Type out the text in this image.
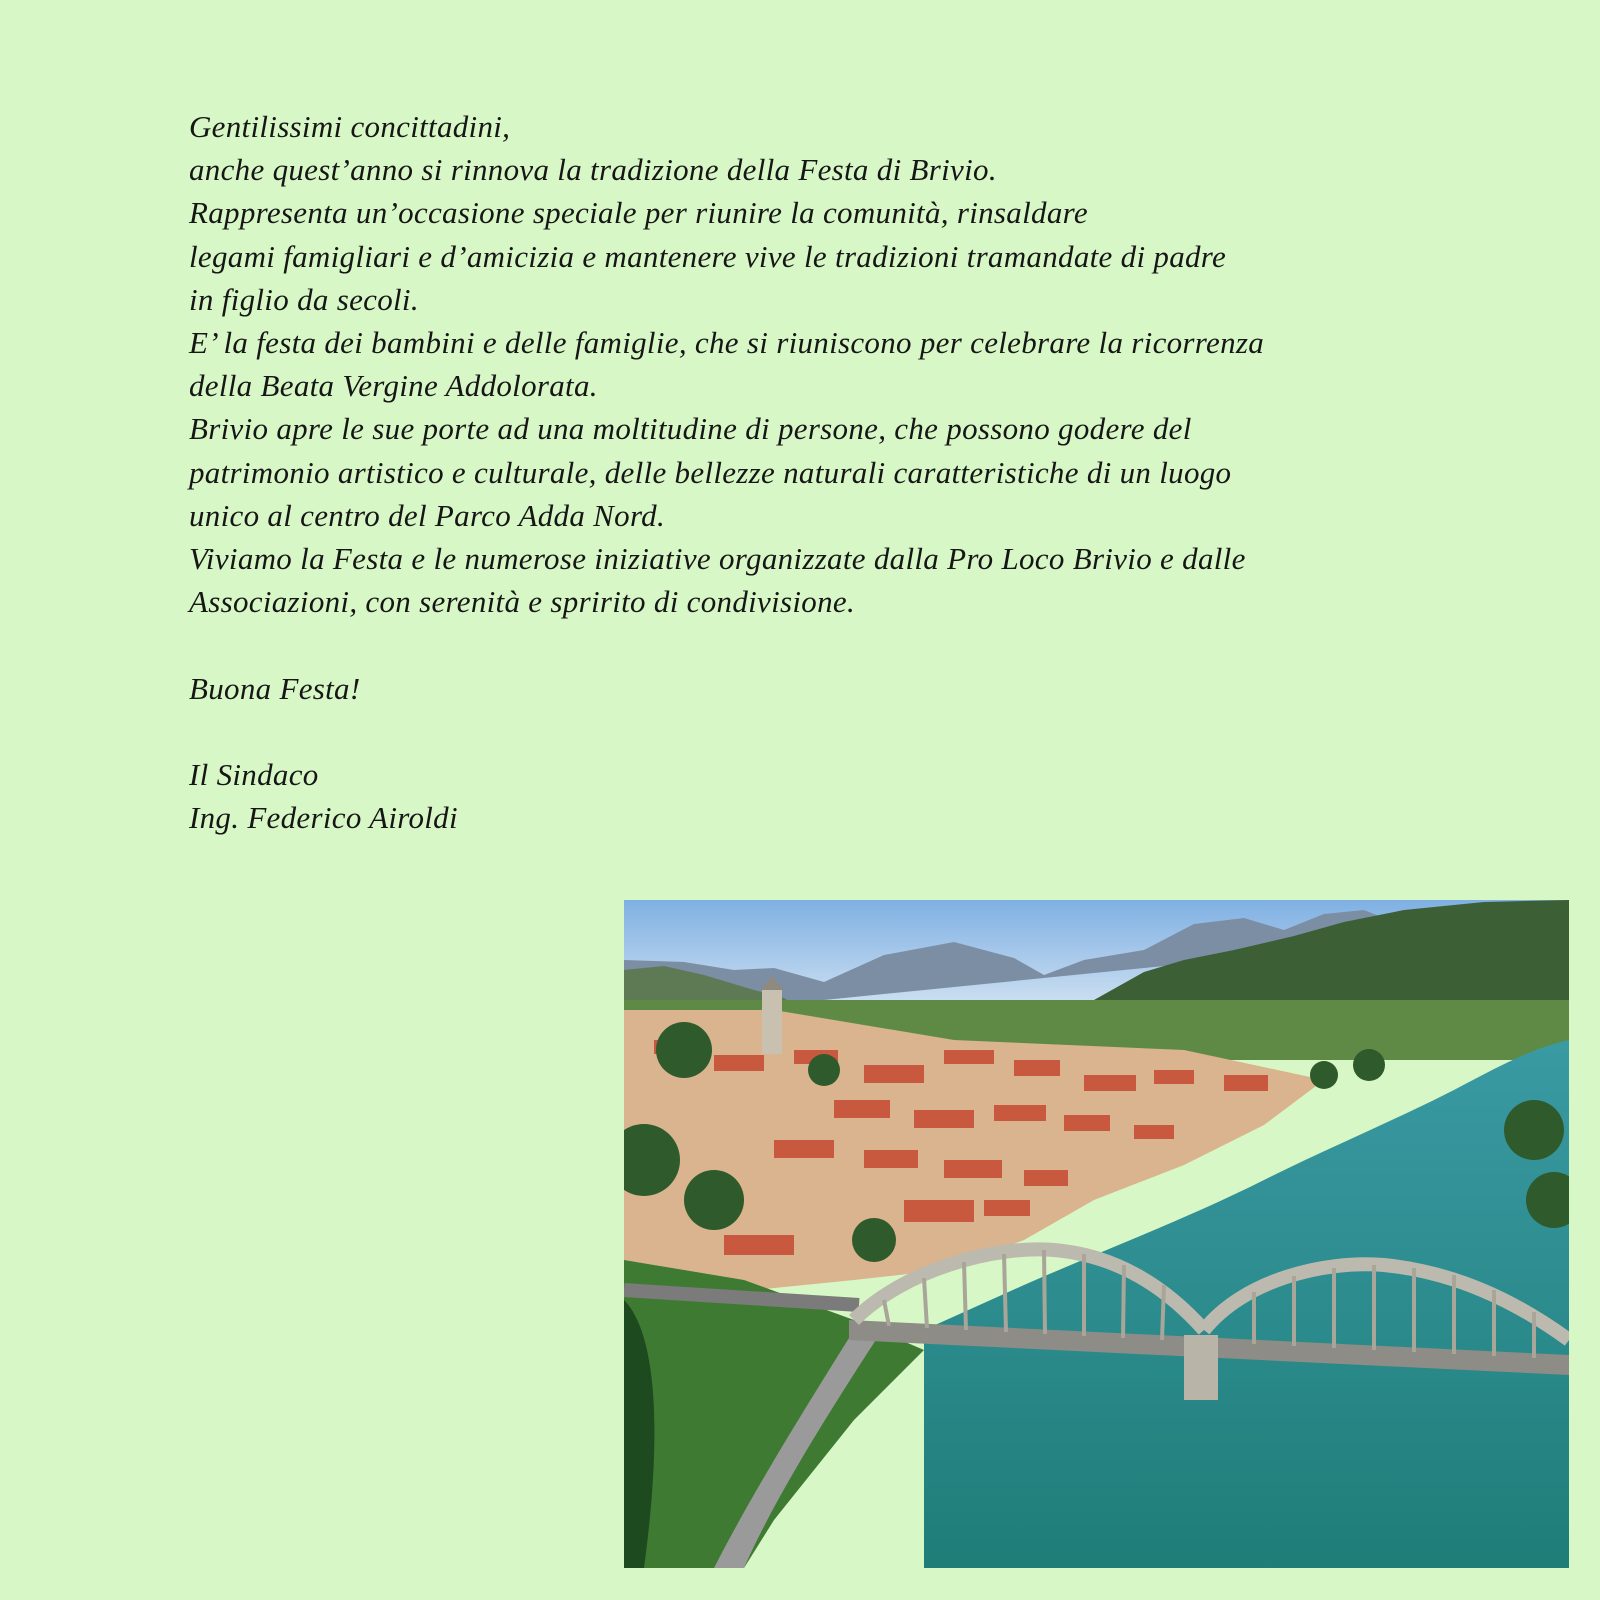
Gentilissimi concittadini,
anche quest’anno si rinnova la tradizione della Festa di Brivio.
Rappresenta un’occasione speciale per riunire la comunità, rinsaldare
legami famigliari e d’amicizia e mantenere vive le tradizioni tramandate di padre
in figlio da secoli.
E’ la festa dei bambini e delle famiglie, che si riuniscono per celebrare la ricorrenza
della Beata Vergine Addolorata.
Brivio apre le sue porte ad una moltitudine di persone, che possono godere del
patrimonio artistico e culturale, delle bellezze naturali caratteristiche di un luogo
unico al centro del Parco Adda Nord.
Viviamo la Festa e le numerose iniziative organizzate dalla Pro Loco Brivio e dalle
Associazioni, con serenità e spririto di condivisione.
Buona Festa!
Il Sindaco
Ing. Federico Airoldi
